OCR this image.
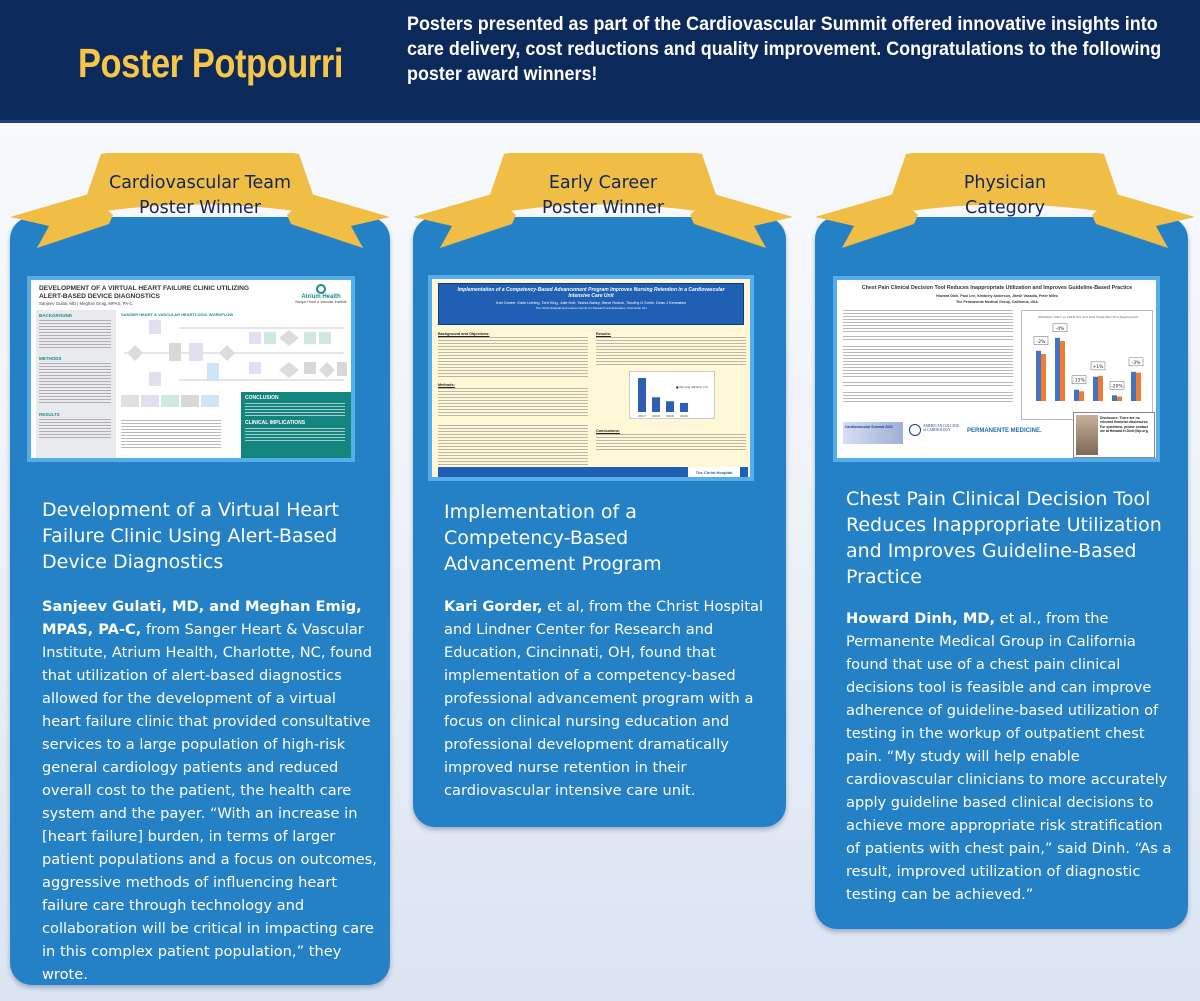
Poster Potpourri
Posters presented as part of the Cardiovascular Summit offered innovative insights into care delivery, cost reductions and quality improvement. Congratulations to the following poster award winners!
Cardiovascular Team
Poster Winner
Early Career
Poster Winner
Physician
Category
DEVELOPMENT OF A VIRTUAL HEART FAILURE CLINIC UTILIZING
ALERT-BASED DEVICE DIAGNOSTICS
Sanjeev Gulati, MD | Meghan Emig, MPAS, PA-C
Atrium Health
Sanger Heart & Vascular Institute
BACKGROUND
METHODS
RESULTS
SANGER HEART & VASCULAR HEARTLOGIC WORKFLOW
CONCLUSION
CLINICAL IMPLICATIONS
Implementation of a Competency-Based Advancement Program Improves Nursing Retention in a Cardiovascular Intensive Care Unit
Kari Gorder, Katie Liebing, Terri King, Julie Holt, Tashia Bailey, Steve Rudick, Timothy D Smith, Dean J Kereiakes
The Christ Hospital and Lindner Center for Research and Education, Cincinnati, OH
Background and Objectives:
Methods:
Results:
2017 2018 2019 2020
■ Nursing attrition (%)
Conclusions:
The Christ Hospital
Chest Pain Clinical Decision Tool Reduces Inappropriate Utilization and Improves Guideline-Based Practice
Howard Dinh, Paul Lee, Kimberly Anderson, Jitesh Vasadia, Peter Miles
The Permanente Medical Group, California, USA
Utilization 2017 vs 2018: Pre and Post Chest Pain Tool Deployment
-2%
-4%
-15%
+1%
-20%
-3%
Cardiovascular Summit 2021	AMERICAN COLLEGE of CARDIOLOGY	PERMANENTE MEDICINE.
Disclosure: There are no relevant financial disclosures. For questions, please contact me at Howard.H.Dinh@kp.org
Development of a Virtual Heart Failure Clinic Using Alert-Based Device Diagnostics
Sanjeev Gulati, MD, and Meghan Emig, MPAS, PA-C, from Sanger Heart & Vascular Institute, Atrium Health, Charlotte, NC, found that utilization of alert-based diagnostics allowed for the development of a virtual heart failure clinic that provided consultative services to a large population of high-risk general cardiology patients and reduced overall cost to the patient, the health care system and the payer. “With an increase in [heart failure] burden, in terms of larger patient populations and a focus on outcomes, aggressive methods of influencing heart failure care through technology and collaboration will be critical in impacting care in this complex patient population,” they wrote.
Implementation of a Competency-Based Advancement Program
Kari Gorder, et al, from the Christ Hospital and Lindner Center for Research and Education, Cincinnati, OH, found that implementation of a competency-based professional advancement program with a focus on clinical nursing education and professional development dramatically improved nurse retention in their cardiovascular intensive care unit.
Chest Pain Clinical Decision Tool Reduces Inappropriate Utilization and Improves Guideline-Based Practice
Howard Dinh, MD, et al., from the Permanente Medical Group in California found that use of a chest pain clinical decisions tool is feasible and can improve adherence of guideline-based utilization of testing in the workup of outpatient chest pain. “My study will help enable cardiovascular clinicians to more accurately apply guideline based clinical decisions to achieve more appropriate risk stratification of patients with chest pain,” said Dinh. “As a result, improved utilization of diagnostic testing can be achieved.”
